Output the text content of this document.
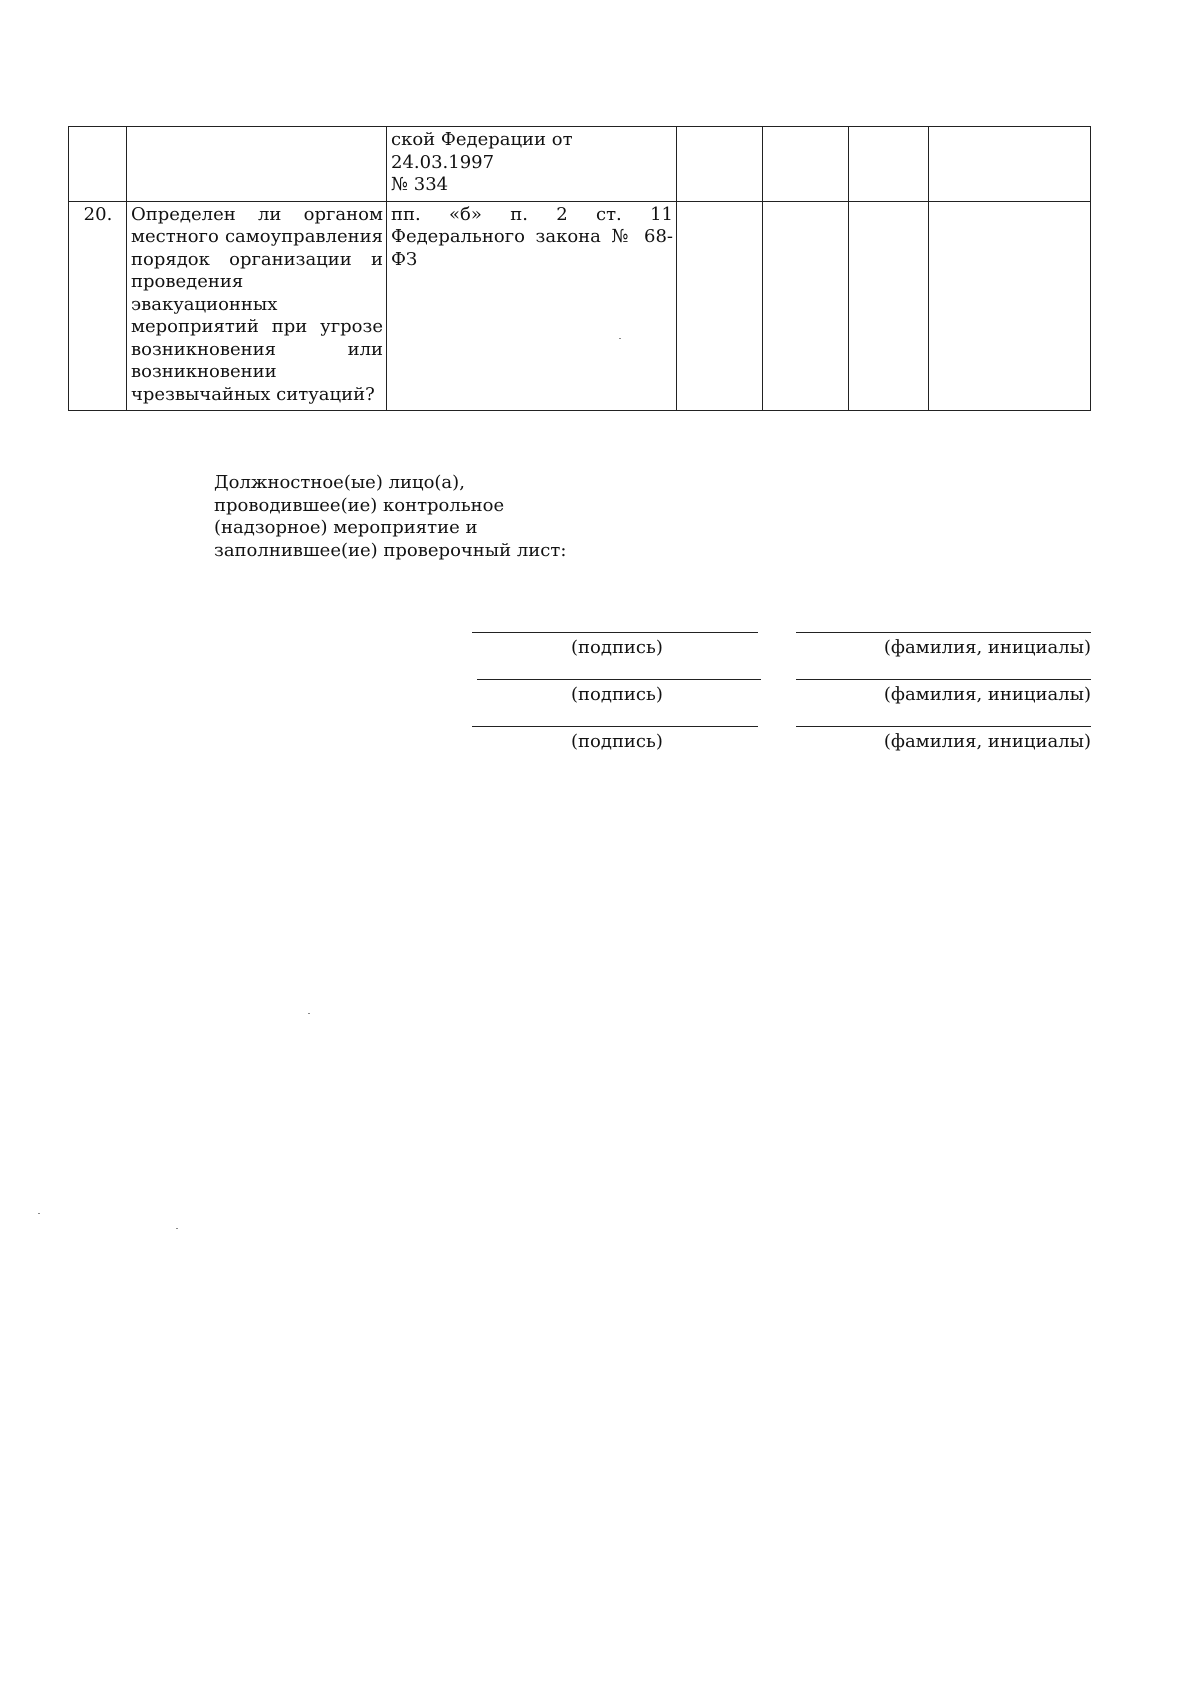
		ской Федерации от 24.03.1997
№ 334				

20.	Определен ли органом местного самоуправления порядок организации и проведения эвакуационных мероприятий при угрозе возникновения или возникновении чрезвычайных ситуаций?	пп. «б» п. 2 ст. 11 Федерального закона № 68-ФЗ				
Должностное(ые) лицо(а),
проводившее(ие) контрольное
(надзорное) мероприятие и
заполнившее(ие) проверочный лист:
(подпись)	(фамилия, инициалы)
(подпись)	(фамилия, инициалы)
(подпись)	(фамилия, инициалы)
